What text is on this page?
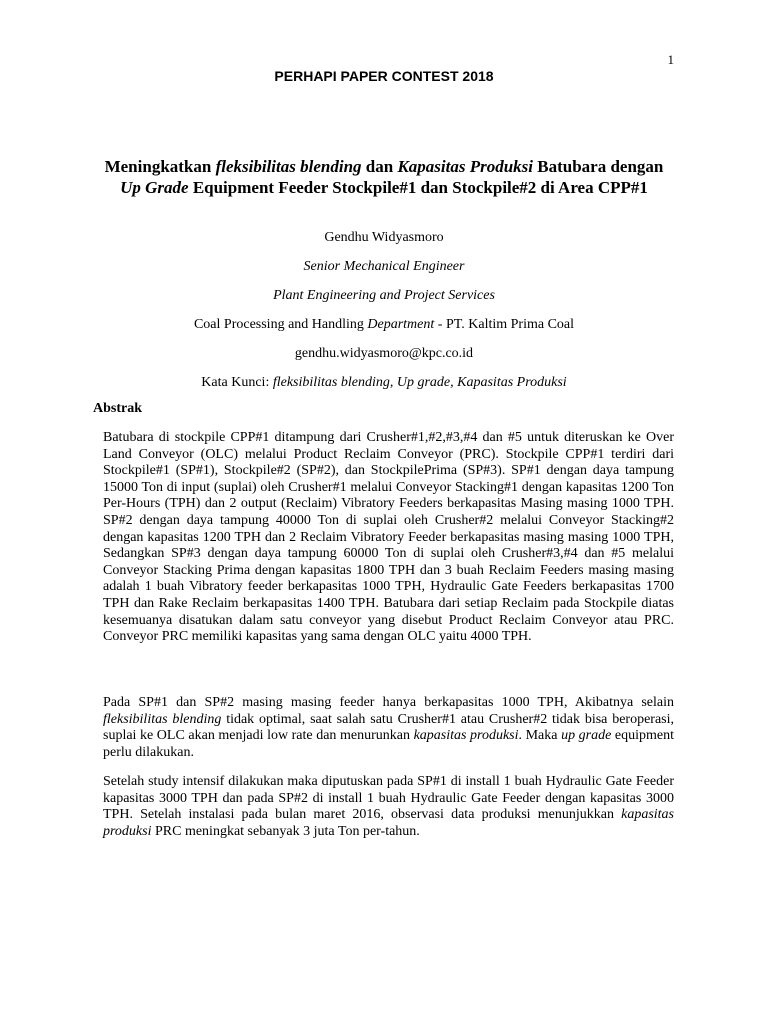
1
PERHAPI PAPER CONTEST 2018
Meningkatkan fleksibilitas blending dan Kapasitas Produksi Batubara dengan Up Grade Equipment Feeder Stockpile#1 dan Stockpile#2 di Area CPP#1
Gendhu Widyasmoro
Senior Mechanical Engineer
Plant Engineering and Project Services
Coal Processing and Handling Department - PT. Kaltim Prima Coal
gendhu.widyasmoro@kpc.co.id
Kata Kunci: fleksibilitas blending, Up grade, Kapasitas Produksi
Abstrak

Batubara di stockpile CPP#1 ditampung dari Crusher#1,#2,#3,#4 dan #5 untuk diteruskan ke Over Land Conveyor (OLC) melalui Product Reclaim Conveyor (PRC). Stockpile CPP#1 terdiri dari Stockpile#1 (SP#1), Stockpile#2 (SP#2), dan StockpilePrima (SP#3). SP#1 dengan daya tampung 15000 Ton di input (suplai) oleh Crusher#1 melalui Conveyor Stacking#1 dengan kapasitas 1200 Ton Per-Hours (TPH) dan 2 output (Reclaim) Vibratory Feeders berkapasitas Masing masing 1000 TPH. SP#2 dengan daya tampung 40000 Ton di suplai oleh Crusher#2 melalui Conveyor Stacking#2 dengan kapasitas 1200 TPH dan 2 Reclaim Vibratory Feeder berkapasitas masing masing 1000 TPH, Sedangkan SP#3 dengan daya tampung 60000 Ton di suplai oleh Crusher#3,#4 dan #5 melalui Conveyor Stacking Prima dengan kapasitas 1800 TPH dan 3 buah Reclaim Feeders masing masing adalah 1 buah Vibratory feeder berkapasitas 1000 TPH, Hydraulic Gate Feeders berkapasitas 1700 TPH dan Rake Reclaim berkapasitas 1400 TPH. Batubara dari setiap Reclaim pada Stockpile diatas kesemuanya disatukan dalam satu conveyor yang disebut Product Reclaim Conveyor atau PRC. Conveyor PRC memiliki kapasitas yang sama dengan OLC yaitu 4000 TPH.

Pada SP#1 dan SP#2 masing masing feeder hanya berkapasitas 1000 TPH, Akibatnya selain fleksibilitas blending tidak optimal, saat salah satu Crusher#1 atau Crusher#2 tidak bisa beroperasi, suplai ke OLC akan menjadi low rate dan menurunkan kapasitas produksi. Maka up grade equipment perlu dilakukan.

Setelah study intensif dilakukan maka diputuskan pada SP#1 di install 1 buah Hydraulic Gate Feeder kapasitas 3000 TPH dan pada SP#2 di install 1 buah Hydraulic Gate Feeder dengan kapasitas 3000 TPH. Setelah instalasi pada bulan maret 2016, observasi data produksi menunjukkan kapasitas produksi PRC meningkat sebanyak 3 juta Ton per-tahun.
